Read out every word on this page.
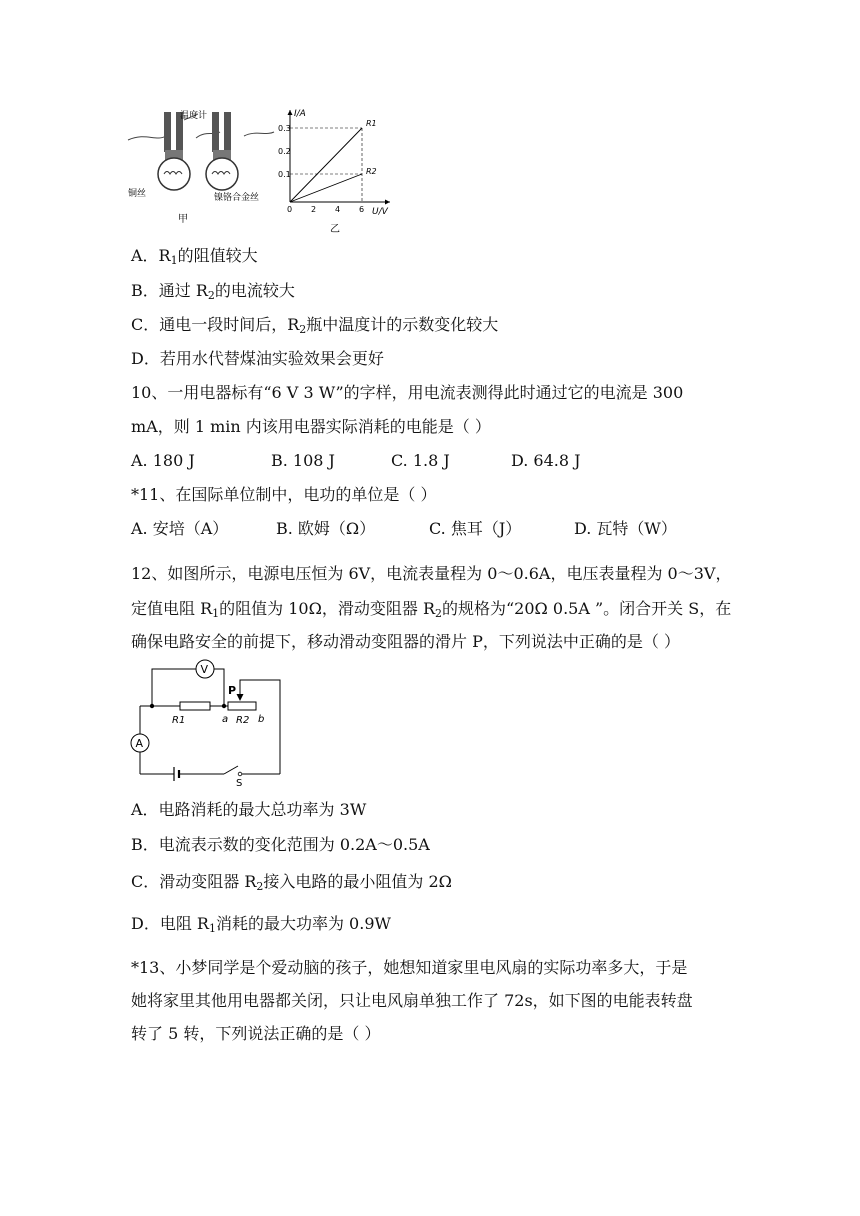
温度计
铜丝	镍铬合金丝
甲
I/A
U/V
0 2 4 6
0.1
0.2
0.3
R1
R2
乙
A．$R_1$的阻值较大
B．通过 $R_2$的电流较大
C．通电一段时间后，$R_2$瓶中温度计的示数变化较大
D．若用水代替煤油实验效果会更好
10、一用电器标有“6 V 3 W”的字样，用电流表测得此时通过它的电流是 300
mA，则 1 min 内该用电器实际消耗的电能是（ ）
A. 180 J	B. 108 J	C. 1.8 J	D. 64.8 J
*11、在国际单位制中，电功的单位是（ ）
A. 安培（A）	B. 欧姆（Ω）	C. 焦耳（J）	D. 瓦特（W）
12、如图所示，电源电压恒为 6V，电流表量程为 0～0.6A，电压表量程为 0～3V，
定值电阻 $R_1$的阻值为 10Ω，滑动变阻器 $R_2$的规格为“20Ω 0.5A ”。闭合开关 S，在
确保电路安全的前提下，移动滑动变阻器的滑片 P，下列说法中正确的是（ ）
V
P
A
R1	a R2 b
S
A．电路消耗的最大总功率为 3W
B．电流表示数的变化范围为 0.2A～0.5A
C．滑动变阻器 $R_2$接入电路的最小阻值为 2Ω
D．电阻 $R_1$消耗的最大功率为 0.9W
*13、小梦同学是个爱动脑的孩子，她想知道家里电风扇的实际功率多大，于是
她将家里其他用电器都关闭，只让电风扇单独工作了 72s，如下图的电能表转盘
转了 5 转，下列说法正确的是（ ）
